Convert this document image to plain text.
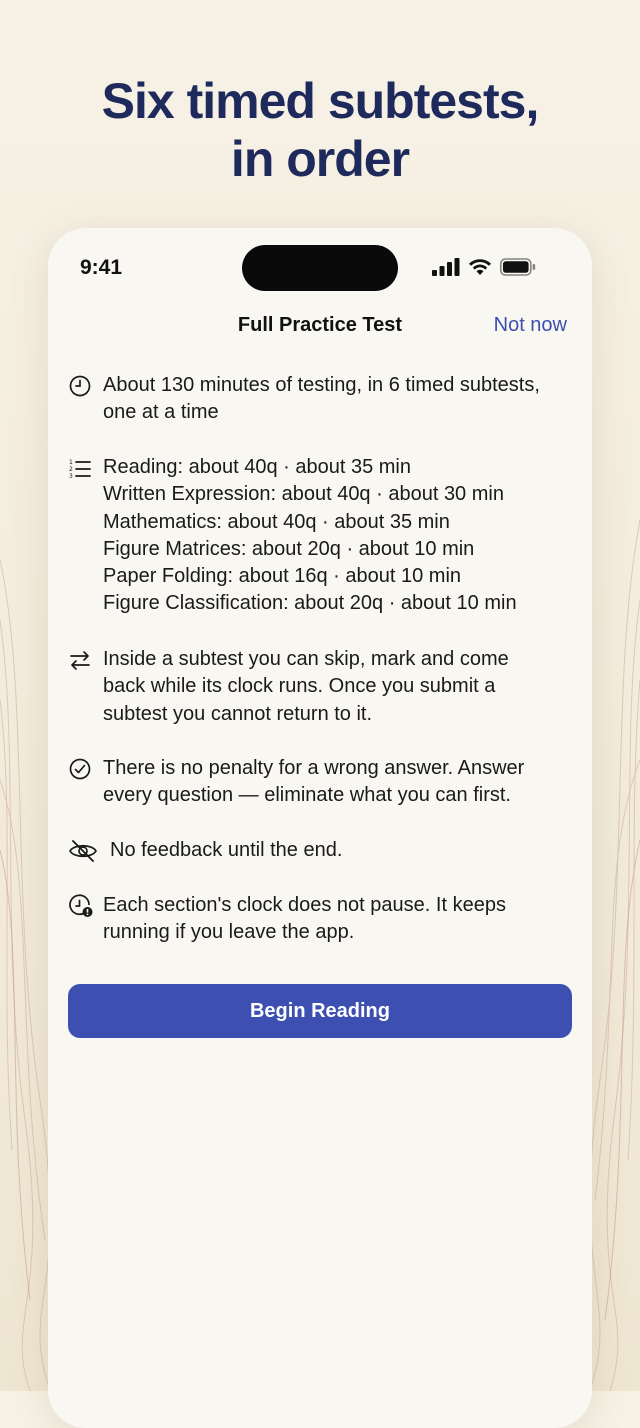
Six timed subtests,
in order
9:41
Full Practice Test	Not now
About 130 minutes of testing, in 6 timed subtests,
one at a time
1
2
3 Reading: about 40q · about 35 min
Written Expression: about 40q · about 30 min
Mathematics: about 40q · about 35 min
Figure Matrices: about 20q · about 10 min
Paper Folding: about 16q · about 10 min
Figure Classification: about 20q · about 10 min
Inside a subtest you can skip, mark and come
back while its clock runs. Once you submit a
subtest you cannot return to it.
There is no penalty for a wrong answer. Answer
every question — eliminate what you can first.
No feedback until the end.
Each section's clock does not pause. It keeps
running if you leave the app.
Begin Reading
